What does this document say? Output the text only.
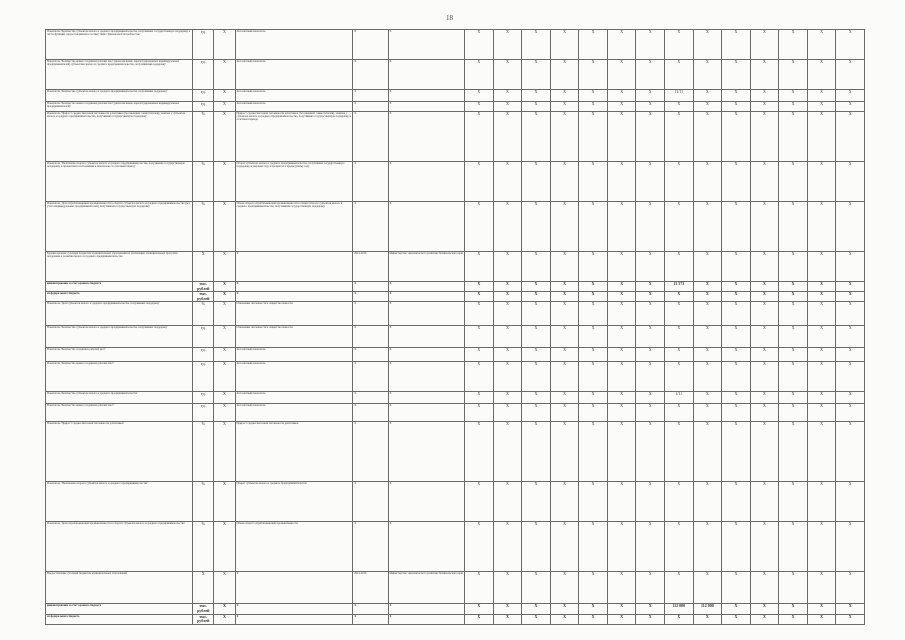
18
Показатель 'Количество субъектов малого и среднего предпринимательства, получивших государственную поддержку в части функций, предоставляемой в соответствии с финансовой потребностью'	ед.	Х	Абсолютный показатель	Х	Х	Х	Х	Х	Х	Х	Х	Х	Х	Х	Х	Х	Х	Х	Х
Показатель 'Количество новых созданных рабочих мест (включая вновь зарегистрированных индивидуальных предпринимателей) субъектами малого и среднего предпринимательства, получившими поддержку'	ед.	Х	Абсолютный показатель	Х	Х	Х	Х	Х	Х	Х	Х	Х	Х	Х	Х	Х	Х	Х	Х
Показатель 'Количество субъектов малого и среднего предпринимательства, получивших поддержку'	ед.	Х	Абсолютный показатель	Х	Х	Х	Х	Х	Х	Х	Х	Х	11/11	Х	Х	Х	Х	Х	Х
Показатель 'Количество новых созданных рабочих мест (включая вновь зарегистрированных индивидуальных предпринимателей)'	ед.	Х	Абсолютный показатель	Х	Х	Х	Х	Х	Х	Х	Х	Х	Х	Х	Х	Х	Х	Х	Х
Показатель 'Прирост среднесписочной численности работников (без внешних совместителей), занятых у субъектов малого и среднего предпринимательства, получивших государственную поддержку'	%	Х	Прирост среднесписочной численности работников (без внешних совместителей), занятых у субъектов малого и среднего предпринимательства, получивших государственную поддержку, в отчетном периоде	Х	Х	Х	Х	Х	Х	Х	Х	Х	Х	Х	Х	Х	Х	Х	Х
Показатель 'Увеличение оборота субъектов малого и среднего предпринимательства, получивших государственную поддержку, в процентном соотношении к показателю за отчетный период'	%	Х	Оборот субъектов малого и среднего предпринимательства, получивших государственную поддержку, в текущем году в процентах к предыдущему году	Х	Х	Х	Х	Х	Х	Х	Х	Х	Х	Х	Х	Х	Х	Х	Х
Показатель 'Доля обрабатывающей промышленности в обороте субъектов малого и среднего предпринимательства (без учета индивидуальных предпринимателей), получивших государственную поддержку'	%	Х	Объем оборота обрабатывающей промышленности в общем обороте субъектов малого и среднего предпринимательства, получивших государственную поддержку	Х	Х	Х	Х	Х	Х	Х	Х	Х	Х	Х	Х	Х	Х	Х	Х
Краевая целевая субсидия бюджетам муниципальных образований на реализацию муниципальных программ поддержки и развития малого и среднего предпринимательства	Х	Х	Х	2014-2016	Министерство экономического развития Забайкальского края	Х	Х	Х	Х	Х	Х	Х	Х	Х	Х	Х	Х	Х	Х
финансирование за счет краевого бюджета	тыс. рублей	Х	Х	Х	Х	Х	Х	Х	Х	Х	Х	Х	13 573	Х	Х	Х	Х	Х	Х
из федерального бюджета	тыс. рублей	Х	Х	Х	Х	Х	Х	Х	Х	Х	Х	Х	Х	Х	Х	Х	Х	Х	Х
Показатель 'Доля субъектов малого и среднего предпринимательства, получивших поддержку'	%	Х	Отношение численности к общей численности	Х	Х	Х	Х	Х	Х	Х	Х	Х	Х	Х	Х	Х	Х	Х	Х
Показатель 'Количество субъектов малого и среднего предпринимательства, получивших поддержку'	ед.	Х	Отношение численности к общей численности	Х	Х	Х	Х	Х	Х	Х	Х	Х	Х	Х	Х	Х	Х	Х	Х
Показатель 'Количество созданных рабочих мест'	ед.	Х	Абсолютный показатель	Х	Х	Х	Х	Х	Х	Х	Х	Х	Х	Х	Х	Х	Х	Х	Х
Показатель 'Количество новых созданных рабочих мест'	ед.	Х	Абсолютный показатель	Х	Х	Х	Х	Х	Х	Х	Х	Х	Х	Х	Х	Х	Х	Х	Х
Показатель 'Количество субъектов малого и среднего предпринимательства'	ед.	Х	Абсолютный показатель	Х	Х	Х	Х	Х	Х	Х	Х	Х	1/11	Х	Х	Х	Х	Х	Х
Показатель 'Количество новых созданных рабочих мест'	ед.	Х	Абсолютный показатель	Х	Х	Х	Х	Х	Х	Х	Х	Х	Х	Х	Х	Х	Х	Х	Х
Показатель 'Прирост среднесписочной численности работников'	%	Х	Прирост среднесписочной численности работников	Х	Х	Х	Х	Х	Х	Х	Х	Х	Х	Х	Х	Х	Х	Х	Х
Показатель 'Увеличение оборота субъектов малого и среднего предпринимательства'	%	Х	Оборот субъектов малого и среднего предпринимательства	Х	Х	Х	Х	Х	Х	Х	Х	Х	Х	Х	Х	Х	Х	Х	Х
Показатель 'Доля обрабатывающей промышленности в обороте субъектов малого и среднего предпринимательства'	%	Х	Объем оборота обрабатывающей промышленности	Х	Х	Х	Х	Х	Х	Х	Х	Х	Х	Х	Х	Х	Х	Х	Х
Предоставление субсидий бюджетам муниципальных образований	Х	Х	Х	2014-2016	Министерство экономического развития Забайкальского края	Х	Х	Х	Х	Х	Х	Х	Х	Х	Х	Х	Х	Х	Х
финансирование за счет краевого бюджета	тыс. рублей	Х	Х	Х	Х	Х	Х	Х	Х	Х	Х	Х	112 000	112 000	Х	Х	Х	Х	Х
из федерального бюджета	тыс. рублей	Х	Х	Х	Х	Х	Х	Х	Х	Х	Х	Х	Х	Х	Х	Х	Х	Х	Х
